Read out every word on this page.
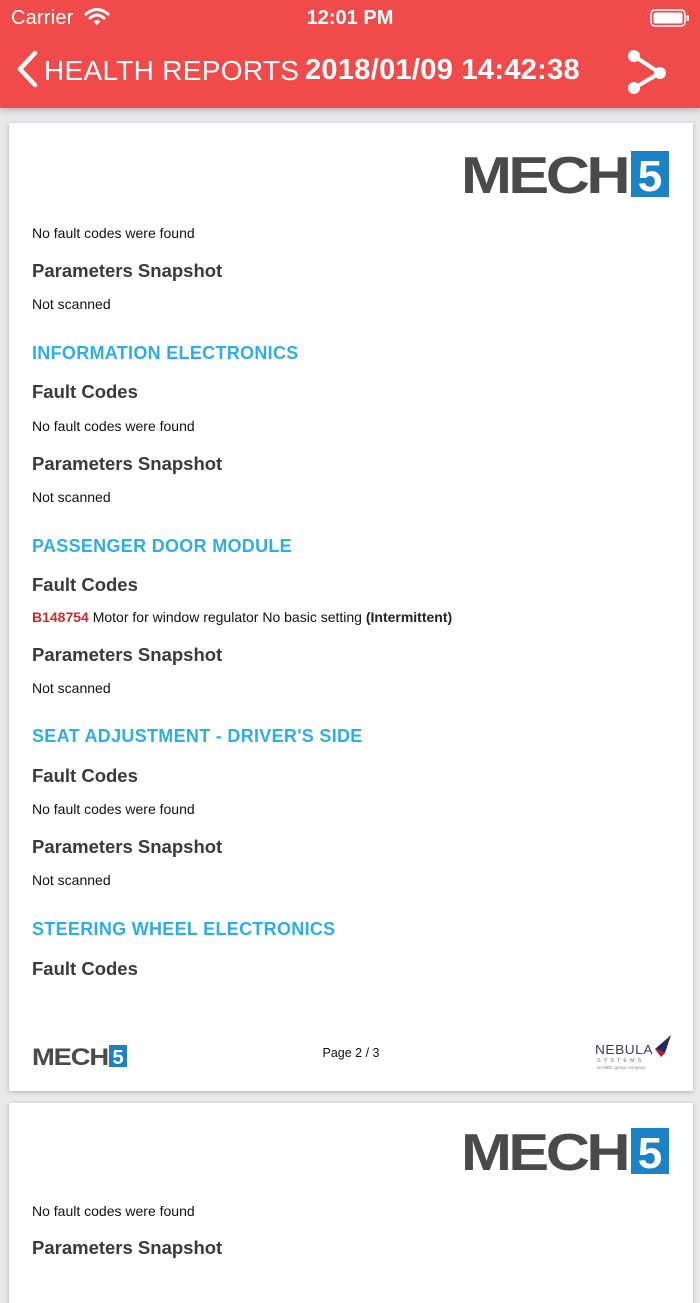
Carrier	12:01 PM
HEALTH REPORTS 2018/01/09 14:42:38
MECH 5
No fault codes were found
Parameters Snapshot
Not scanned
INFORMATION ELECTRONICS
Fault Codes
No fault codes were found
Parameters Snapshot
Not scanned
PASSENGER DOOR MODULE
Fault Codes
B148754 Motor for window regulator No basic setting (Intermittent)
Parameters Snapshot
Not scanned
SEAT ADJUSTMENT - DRIVER'S SIDE
Fault Codes
No fault codes were found
Parameters Snapshot
Not scanned
STEERING WHEEL ELECTRONICS
Fault Codes
MECH 5	Page 2 / 3	NEBULA
SYSTEMS
an MBC group company
MECH 5
No fault codes were found
Parameters Snapshot
